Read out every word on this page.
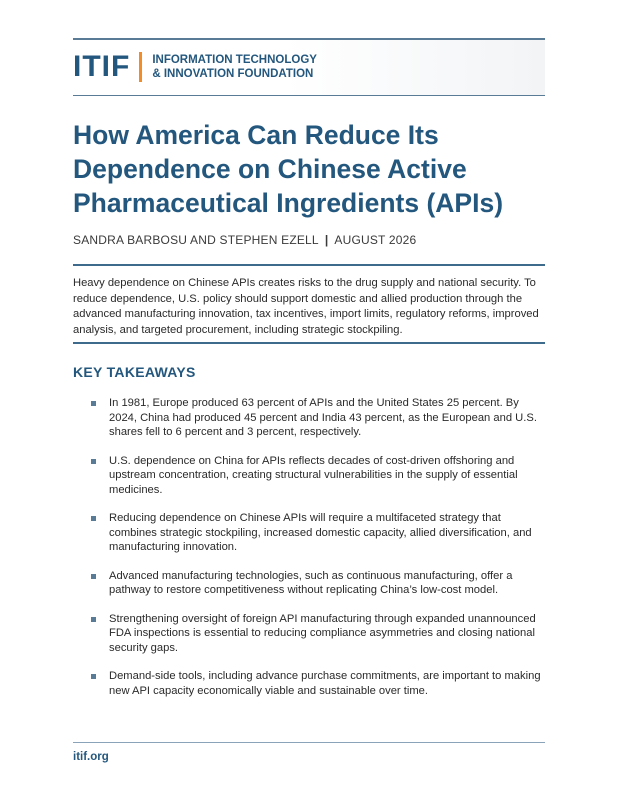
ITIF INFORMATION TECHNOLOGY
& INNOVATION FOUNDATION
How America Can Reduce Its Dependence on Chinese Active Pharmaceutical Ingredients (APIs)
SANDRA BARBOSU AND STEPHEN EZELL | AUGUST 2026

Heavy dependence on Chinese APIs creates risks to the drug supply and national security. To reduce dependence, U.S. policy should support domestic and allied production through the advanced manufacturing innovation, tax incentives, import limits, regulatory reforms, improved analysis, and targeted procurement, including strategic stockpiling.

KEY TAKEAWAYS
In 1981, Europe produced 63 percent of APIs and the United States 25 percent. By 2024, China had produced 45 percent and India 43 percent, as the European and U.S. shares fell to 6 percent and 3 percent, respectively.
U.S. dependence on China for APIs reflects decades of cost-driven offshoring and upstream concentration, creating structural vulnerabilities in the supply of essential medicines.
Reducing dependence on Chinese APIs will require a multifaceted strategy that combines strategic stockpiling, increased domestic capacity, allied diversification, and manufacturing innovation.
Advanced manufacturing technologies, such as continuous manufacturing, offer a pathway to restore competitiveness without replicating China’s low-cost model.
Strengthening oversight of foreign API manufacturing through expanded unannounced FDA inspections is essential to reducing compliance asymmetries and closing national security gaps.
Demand-side tools, including advance purchase commitments, are important to making new API capacity economically viable and sustainable over time.
itif.org
